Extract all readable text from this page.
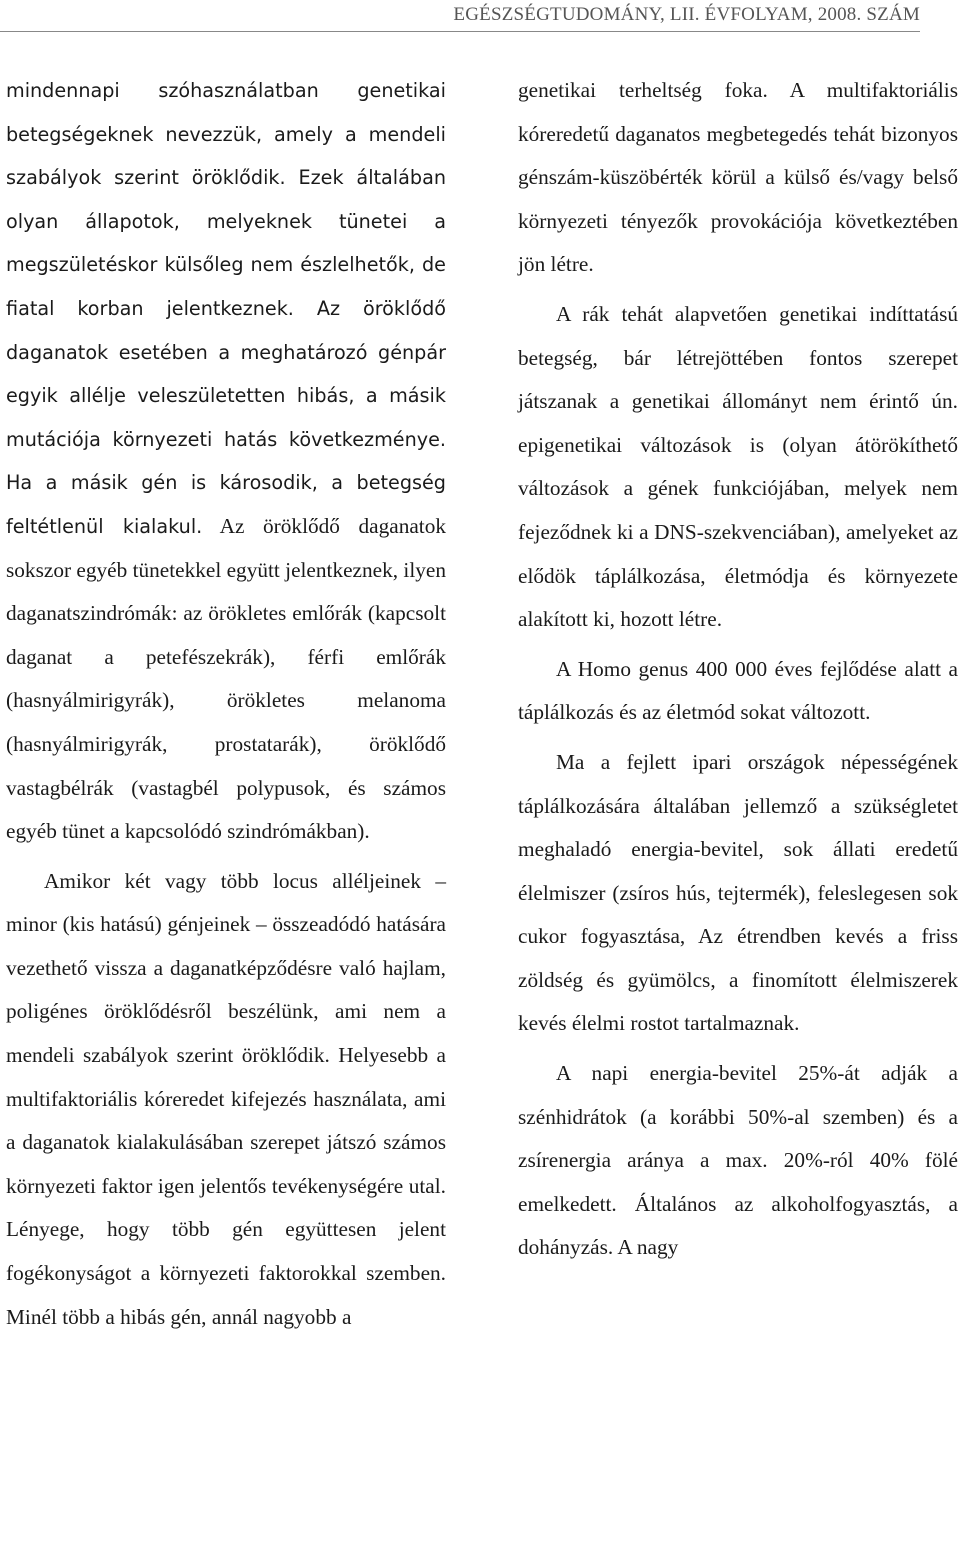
EGÉSZSÉGTUDOMÁNY, LII. ÉVFOLYAM, 2008. SZÁM

mindennapi szóhasználatban genetikai betegségeknek nevezzük, amely a mendeli szabályok szerint öröklődik. Ezek általában olyan állapotok, melyeknek tünetei a megszületéskor külsőleg nem észlelhetők, de fiatal korban jelentkeznek. Az öröklődő daganatok esetében a meghatározó génpár egyik allélje veleszületetten hibás, a másik mutációja környezeti hatás következménye. Ha a másik gén is károsodik, a betegség feltétlenül kialakul. Az öröklődő daganatok sokszor egyéb tünetekkel együtt jelentkeznek, ilyen daganatszindrómák: az örökletes emlőrák (kapcsolt daganat a petefészekrák), férfi emlőrák (hasnyálmirigyrák), örökletes melanoma (hasnyálmirigyrák, prostatarák), öröklődő vastagbélrák (vastagbél polypusok, és számos egyéb tünet a kapcsolódó szindrómákban).

Amikor két vagy több locus alléljeinek – minor (kis hatású) génjeinek – összeadódó hatására vezethető vissza a daganatképződésre való hajlam, poligénes öröklődésről beszélünk, ami nem a mendeli szabályok szerint öröklődik. Helyesebb a multifaktoriális kóreredet kifejezés használata, ami a daganatok kialakulásában szerepet játszó számos környezeti faktor igen jelentős tevékenységére utal. Lényege, hogy több gén együttesen jelent fogékonyságot a környezeti faktorokkal szemben. Minél több a hibás gén, annál nagyobb a

genetikai terheltség foka. A multifaktoriális kóreredetű daganatos megbetegedés tehát bizonyos génszám-küszöbérték körül a külső és/vagy belső környezeti tényezők provokációja következtében jön létre.

A rák tehát alapvetően genetikai indíttatású betegség, bár létrejöttében fontos szerepet játszanak a genetikai állományt nem érintő ún. epigenetikai változások is (olyan átörökíthető változások a gének funkciójában, melyek nem fejeződnek ki a DNS-szekvenciában), amelyeket az elődök táplálkozása, életmódja és környezete alakított ki, hozott létre.

A Homo genus 400 000 éves fejlődése alatt a táplálkozás és az életmód sokat változott.

Ma a fejlett ipari országok népességének táplálkozására általában jellemző a szükségletet meghaladó energia-bevitel, sok állati eredetű élelmiszer (zsíros hús, tejtermék), feleslegesen sok cukor fogyasztása, Az étrendben kevés a friss zöldség és gyümölcs, a finomított élelmiszerek kevés élelmi rostot tartalmaznak.

A napi energia-bevitel 25%-át adják a szénhidrátok (a korábbi 50%-al szemben) és a zsírenergia aránya a max. 20%-ról 40% fölé emelkedett. Általános az alkoholfogyasztás, a dohányzás. A nagy
